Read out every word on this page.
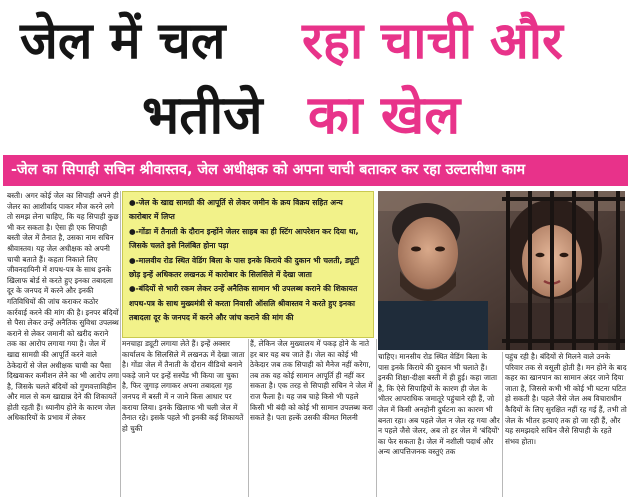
जेल में चल रहा चाची और
भतीजे का खेल
-जेल का सिपाही सचिन श्रीवास्तव, जेल अधीक्षक को अपना चाची बताकर कर रहा उल्टासीधा काम

बस्ती। अगर कोई जेल का सिपाही अपने ही जेलर का आशीर्वाद पाकर मौज करने लगे तो समझ लेना चाहिए, कि यह सिपाही कुछ भी कर सकता है। ऐसा ही एक सिपाही बस्ती जेल में तैनात है, उसका नाम सचिन श्रीवास्तव। यह जेल अधीक्षक को अपनी चाची बताते हैं। कहता निकाले लिए जीवनदायिनी में शपथ-पत्र के साथ इनके खिलाफ बोर्ड से करते हुए इनका तबादला दूर के जनपद में करने और इनकी गतिविधियों की जांच कराकर कठोर कार्रवाई करने की मांग की है। इनपर बंदियों से पैसा लेकर उन्हें अनैतिक सुविधा उपलब्ध कराने से लेकर जमानी को खरीद कराने तक का आरोप लगाया गया है। जेल में खाद्य सामग्री की आपूर्ति करने वाले ठेकेदारों से जेल अधीक्षक चाची का पैसा दिखवाकर कमीशन लेने का भी आरोप लगा है, जिसके चलते बंदियों को गुणवत्ताविहीन और माल से कम खाद्यान्न देने की शिकायतें होती रहती हैं। ध्यानीय होने के कारण जेल अधिकारियों के प्रभाव में लेकर

●-जेल के खाद्य सामग्री की आपूर्ति से लेकर जमीन के क्रय विक्रय सहित अन्य कारोबार में लिप्त

●-गोंडा में तैनाती के दौरान इन्होंने जेलर साहब का ही स्टिंग आपरेशन कर दिया था, जिसके चलते इसे निलंबित होना पड़ा

●-मालवीय रोड स्थित वेडिंग बिला के पास इनके किराये की दुकान भी चलती, ड्यूटी छोड़ इन्हें अधिकतर लखनऊ में कारोबार के सिलसिले में देखा जाता

●-बंदियों से भारी रकम लेकर उन्हें अनैतिक सामान भी उपलब्ध कराने की शिकायत शपथ-पत्र के साथ मुख्यमंत्री से करता निवासी ऑसलि श्रीवास्तव ने करते हुए इनका तबादला दूर के जनपद में करने और जांच कराने की मांग की

मनचाहा ड्यूटी लगाया लेते हैं। इन्हें अक्सर कार्यालय के सिलसिले में लखनऊ में देखा जाता है। गोंडा जेल में तैनाती के दौरान वीडियो बनाने पकड़े जाने पर इन्हें सस्पेंड भी किया जा चुका है, फिर जुगाड़ लगाकर अपना तबादला गृह जनपद में बस्ती में न जाने किस आधार पर कराया लिया। इनके खिलाफ भी चली जेल में तैनात रहे। इसके पहले भी इनकी कई शिकायतें हो चुकी

हैं, लेकिन जेल मुख्यालय में पकड़ होने के नाते हर बार यह बच जाते हैं। जेल का कोई भी ठेकेदार जब तक सिपाही को मैनेज नहीं करेगा, तब तक वह कोई सामान आपूर्ति ही नहीं कर सकता है। एक तरह से सिपाही सचिन ने जेल में राज फैला है। यह जब चाहे किसे भी पहले किसी भी बंदी को कोई भी सामान उपलब्ध करा सकते है। पता हल्कें उसकी कीमत मिलनी

चाहिए। मानसीय रोड स्थित वेडिंग बिला के पास इनके किराये की दुकान भी चलाते हैं। इनकी शिक्षा-दीक्षा बस्ती में ही हुई। कहा जाता है, कि ऐसे सिपाहियों के कारण ही जेल के भीतर आपराधिक जमातूरे पहुंचाने रही हैं, जो जेल में किसी अनहोनी दुर्घटना का कारण भी बनता रहा। अब पहले जेल न जेल रह गया और न पहले जैसे जेलर, अब तो हर जेल में 'बंदियों' का फेर सकता है। जेल में नशीली पदार्थ और अन्य आपत्तिजनक वस्तुएं तक

पहुंच रही है। बंदियों से मिलने वाले उनके परिवार तक से वसूली होती है। मन होने के बाद कहर का खानपान का सामान अंदर जाने दिया जाता है, जिससे कभी भी कोई भी घटना घटित हो सकती है। पहले जैसे जेल अब विचाराधीन कैदियों के लिए सुरक्षित नहीं रह गई हैं, तभी तो जेल के भीतर हत्याएं तक हो जा रही हैं, और यह समझदारे सचिन जैसे सिपाही के रहते संभव होता।
